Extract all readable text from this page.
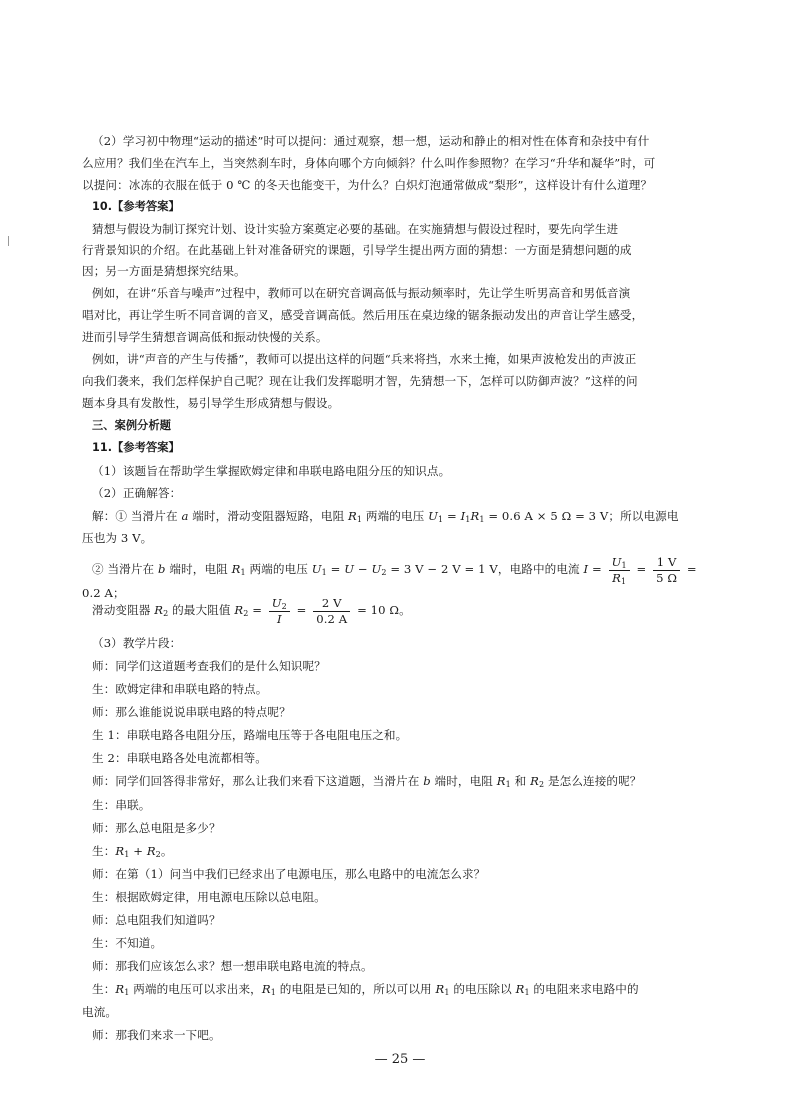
（2）学习初中物理“运动的描述”时可以提问：通过观察，想一想，运动和静止的相对性在体育和杂技中有什
么应用？我们坐在汽车上，当突然刹车时，身体向哪个方向倾斜？什么叫作参照物？在学习“升华和凝华”时，可
以提问：冰冻的衣服在低于 0 ℃ 的冬天也能变干，为什么？白炽灯泡通常做成“梨形”，这样设计有什么道理？
10.【参考答案】
猜想与假设为制订探究计划、设计实验方案奠定必要的基础。在实施猜想与假设过程时，要先向学生进
行背景知识的介绍。在此基础上针对准备研究的课题，引导学生提出两方面的猜想：一方面是猜想问题的成
因；另一方面是猜想探究结果。
例如，在讲“乐音与噪声”过程中，教师可以在研究音调高低与振动频率时，先让学生听男高音和男低音演
唱对比，再让学生听不同音调的音叉，感受音调高低。然后用压在桌边缘的锯条振动发出的声音让学生感受，
进而引导学生猜想音调高低和振动快慢的关系。
例如，讲“声音的产生与传播”，教师可以提出这样的问题“兵来将挡，水来土掩，如果声波枪发出的声波正
向我们袭来，我们怎样保护自己呢？现在让我们发挥聪明才智，先猜想一下，怎样可以防御声波？”这样的问
题本身具有发散性，易引导学生形成猜想与假设。
三、案例分析题
11.【参考答案】
（1）该题旨在帮助学生掌握欧姆定律和串联电路电阻分压的知识点。
（2）正确解答：
解：① 当滑片在 a 端时，滑动变阻器短路，电阻 $R_1$ 两端的电压 $U_1 = I_1R_1 = 0.6$ A × 5 Ω = 3 V；所以电源电
压也为 3 V。
② 当滑片在 b 端时，电阻 $R_1$ 两端的电压 $U_1 = U - U_2 = 3$ V − 2 V = 1 V，电路中的电流 $I = \frac{U_1}{R_1} = \frac{1 V}{5 \Omega}$ =
0.2 A；
滑动变阻器 $R_2$ 的最大阻值 $R_2 = \frac{U_2}{I} = \frac{2 V}{0.2 A} = 10$ Ω。
（3）教学片段：
师：同学们这道题考查我们的是什么知识呢？
生：欧姆定律和串联电路的特点。
师：那么谁能说说串联电路的特点呢？
生 1：串联电路各电阻分压，路端电压等于各电阻电压之和。
生 2：串联电路各处电流都相等。
师：同学们回答得非常好，那么让我们来看下这道题，当滑片在 b 端时，电阻 $R_1$ 和 $R_2$ 是怎么连接的呢？
生：串联。
师：那么总电阻是多少？
生：$R_1 + R_2$。
师：在第（1）问当中我们已经求出了电源电压，那么电路中的电流怎么求？
生：根据欧姆定律，用电源电压除以总电阻。
师：总电阻我们知道吗？
生：不知道。
师：那我们应该怎么求？想一想串联电路电流的特点。
生：$R_1$ 两端的电压可以求出来，$R_1$ 的电阻是已知的，所以可以用 $R_1$ 的电压除以 $R_1$ 的电阻来求电路中的
电流。
师：那我们来求一下吧。
— 25 —
